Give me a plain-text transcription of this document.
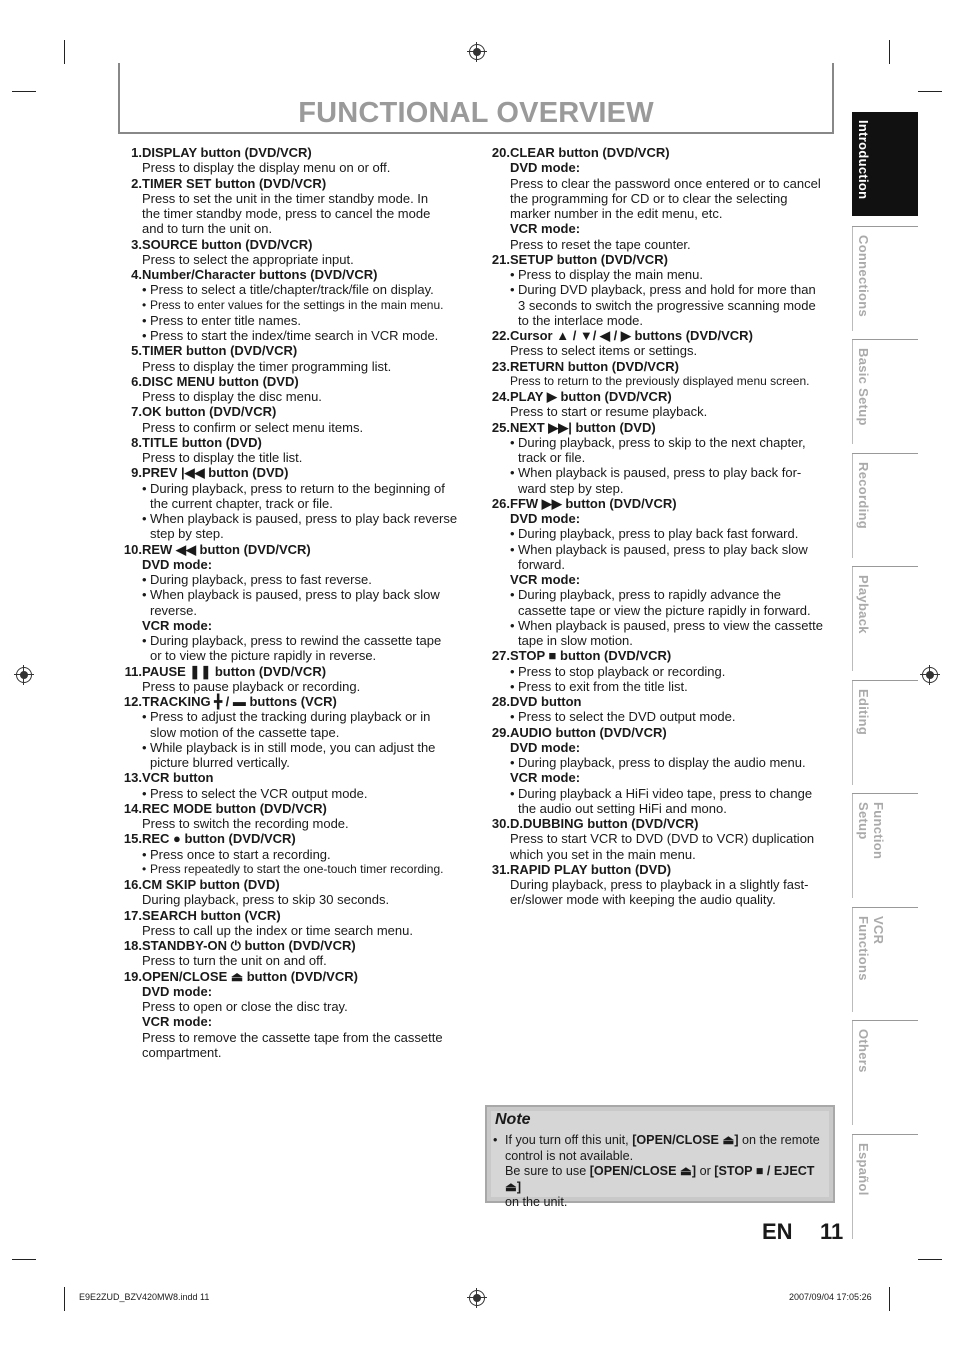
FUNCTIONAL OVERVIEW
1. DISPLAY button (DVD/VCR)
Press to display the display menu on or off.
2. TIMER SET button (DVD/VCR)
Press to set the unit in the timer standby mode. In
the timer standby mode, press to cancel the mode
and to turn the unit on.
3. SOURCE button (DVD/VCR)
Press to select the appropriate input.
4. Number/Character buttons (DVD/VCR)
• Press to select a title/chapter/track/file on display.
• Press to enter values for the settings in the main menu.
• Press to enter title names.
• Press to start the index/time search in VCR mode.
5. TIMER button (DVD/VCR)
Press to display the timer programming list.
6. DISC MENU button (DVD)
Press to display the disc menu.
7. OK button (DVD/VCR)
Press to confirm or select menu items.
8. TITLE button (DVD)
Press to display the title list.
9. PREV |◀◀ button (DVD)
• During playback, press to return to the beginning of
the current chapter, track or file.
• When playback is paused, press to play back reverse
step by step.
10. REW ◀◀ button (DVD/VCR)
DVD mode:
• During playback, press to fast reverse.
• When playback is paused, press to play back slow
reverse.
VCR mode:
• During playback, press to rewind the cassette tape
or to view the picture rapidly in reverse.
11. PAUSE ❚❚ button (DVD/VCR)
Press to pause playback or recording.
12. TRACKING ╋ / ▬ buttons (VCR)
• Press to adjust the tracking during playback or in
slow motion of the cassette tape.
• While playback is in still mode, you can adjust the
picture blurred vertically.
13. VCR button
• Press to select the VCR output mode.
14. REC MODE button (DVD/VCR)
Press to switch the recording mode.
15. REC ● button (DVD/VCR)
• Press once to start a recording.
• Press repeatedly to start the one-touch timer recording.
16. CM SKIP button (DVD)
During playback, press to skip 30 seconds.
17. SEARCH button (VCR)
Press to call up the index or time search menu.
18. STANDBY-ON ⏻ button (DVD/VCR)
Press to turn the unit on and off.
19. OPEN/CLOSE ⏏ button (DVD/VCR)
DVD mode:
Press to open or close the disc tray.
VCR mode:
Press to remove the cassette tape from the cassette
compartment.
20. CLEAR button (DVD/VCR)
DVD mode:
Press to clear the password once entered or to cancel
the programming for CD or to clear the selecting
marker number in the edit menu, etc.
VCR mode:
Press to reset the tape counter.
21. SETUP button (DVD/VCR)
• Press to display the main menu.
• During DVD playback, press and hold for more than
3 seconds to switch the progressive scanning mode
to the interlace mode.
22. Cursor ▲ / ▼/ ◀ / ▶ buttons (DVD/VCR)
Press to select items or settings.
23. RETURN button (DVD/VCR)
Press to return to the previously displayed menu screen.
24. PLAY ▶ button (DVD/VCR)
Press to start or resume playback.
25. NEXT ▶▶| button (DVD)
• During playback, press to skip to the next chapter,
track or file.
• When playback is paused, press to play back for-
ward step by step.
26. FFW ▶▶ button (DVD/VCR)
DVD mode:
• During playback, press to play back fast forward.
• When playback is paused, press to play back slow
forward.
VCR mode:
• During playback, press to rapidly advance the
cassette tape or view the picture rapidly in forward.
• When playback is paused, press to view the cassette
tape in slow motion.
27. STOP ■ button (DVD/VCR)
• Press to stop playback or recording.
• Press to exit from the title list.
28. DVD button
• Press to select the DVD output mode.
29. AUDIO button (DVD/VCR)
DVD mode:
• During playback, press to display the audio menu.
VCR mode:
• During playback a HiFi video tape, press to change
the audio out setting HiFi and mono.
30. D.DUBBING button (DVD/VCR)
Press to start VCR to DVD (DVD to VCR) duplication
which you set in the main menu.
31. RAPID PLAY button (DVD)
During playback, press to playback in a slightly fast-
er/slower mode with keeping the audio quality.
Note
• If you turn off this unit, [OPEN/CLOSE ⏏] on the remote
control is not available.
Be sure to use [OPEN/CLOSE ⏏] or [STOP ■ / EJECT ⏏]
on the unit.
Introduction
Connections
Basic Setup
Recording
Playback
Editing
Function Setup
VCR Functions
Others
Español
EN 11
E9E2ZUD_BZV420MW8.indd 11	2007/09/04 17:05:26
